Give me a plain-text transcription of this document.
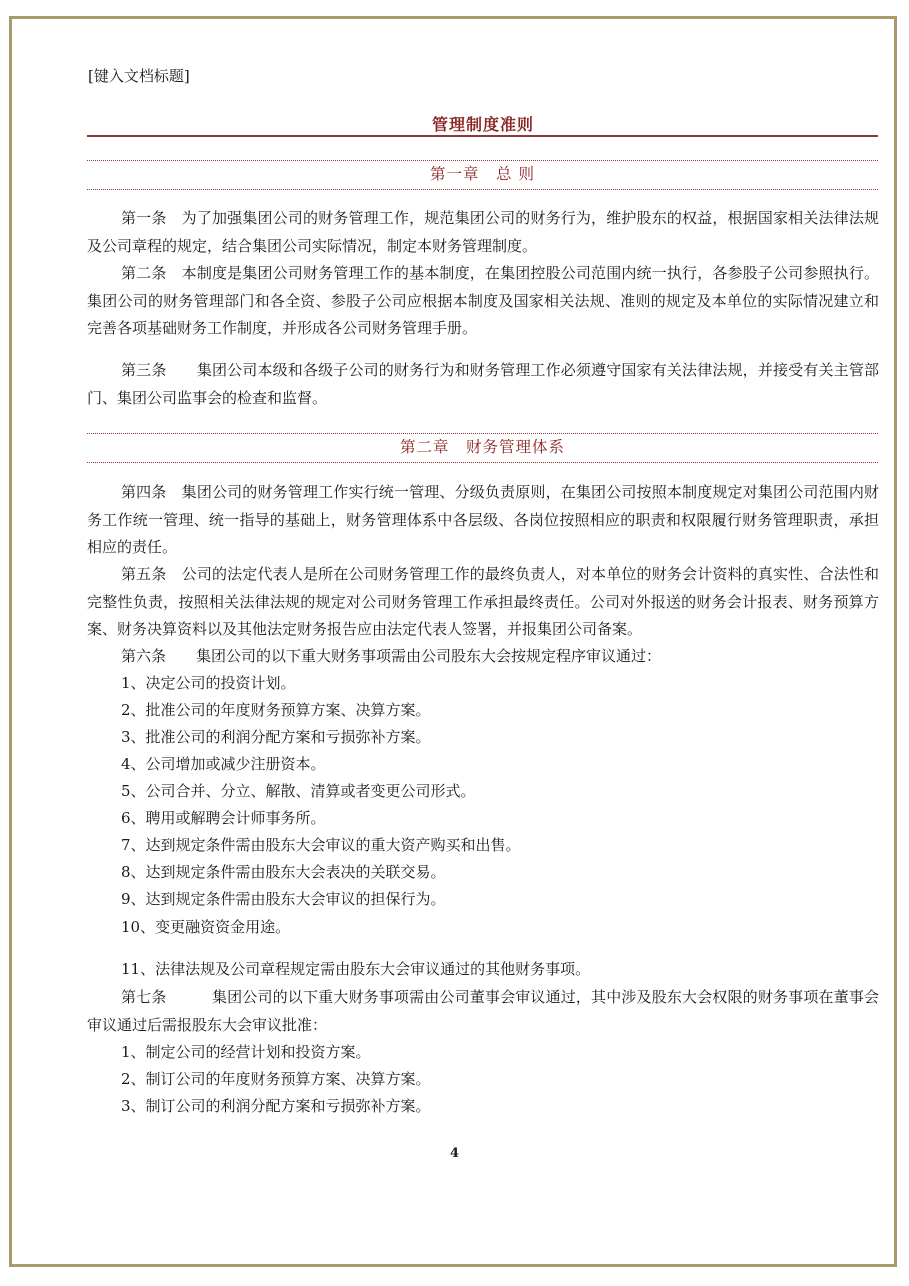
[键入文档标题]
管理制度准则
第一章　总 则
第一条　为了加强集团公司的财务管理工作，规范集团公司的财务行为，维护股东的权益，根据国家相关法律法规及公司章程的规定，结合集团公司实际情况，制定本财务管理制度。
第二条　本制度是集团公司财务管理工作的基本制度，在集团控股公司范围内统一执行，各参股子公司参照执行。集团公司的财务管理部门和各全资、参股子公司应根据本制度及国家相关法规、准则的规定及本单位的实际情况建立和完善各项基础财务工作制度，并形成各公司财务管理手册。
第三条　　集团公司本级和各级子公司的财务行为和财务管理工作必须遵守国家有关法律法规，并接受有关主管部门、集团公司监事会的检查和监督。
第二章　财务管理体系
第四条　集团公司的财务管理工作实行统一管理、分级负责原则，在集团公司按照本制度规定对集团公司范围内财务工作统一管理、统一指导的基础上，财务管理体系中各层级、各岗位按照相应的职责和权限履行财务管理职责，承担相应的责任。
第五条　公司的法定代表人是所在公司财务管理工作的最终负责人，对本单位的财务会计资料的真实性、合法性和完整性负责，按照相关法律法规的规定对公司财务管理工作承担最终责任。公司对外报送的财务会计报表、财务预算方案、财务决算资料以及其他法定财务报告应由法定代表人签署，并报集团公司备案。
第六条　　集团公司的以下重大财务事项需由公司股东大会按规定程序审议通过：
1、决定公司的投资计划。
2、批准公司的年度财务预算方案、决算方案。
3、批准公司的利润分配方案和亏损弥补方案。
4、公司增加或减少注册资本。
5、公司合并、分立、解散、清算或者变更公司形式。
6、聘用或解聘会计师事务所。
7、达到规定条件需由股东大会审议的重大资产购买和出售。
8、达到规定条件需由股东大会表决的关联交易。
9、达到规定条件需由股东大会审议的担保行为。
10、变更融资资金用途。
11、法律法规及公司章程规定需由股东大会审议通过的其他财务事项。
第七条　　　集团公司的以下重大财务事项需由公司董事会审议通过，其中涉及股东大会权限的财务事项在董事会审议通过后需报股东大会审议批准：
1、制定公司的经营计划和投资方案。
2、制订公司的年度财务预算方案、决算方案。
3、制订公司的利润分配方案和亏损弥补方案。
4
